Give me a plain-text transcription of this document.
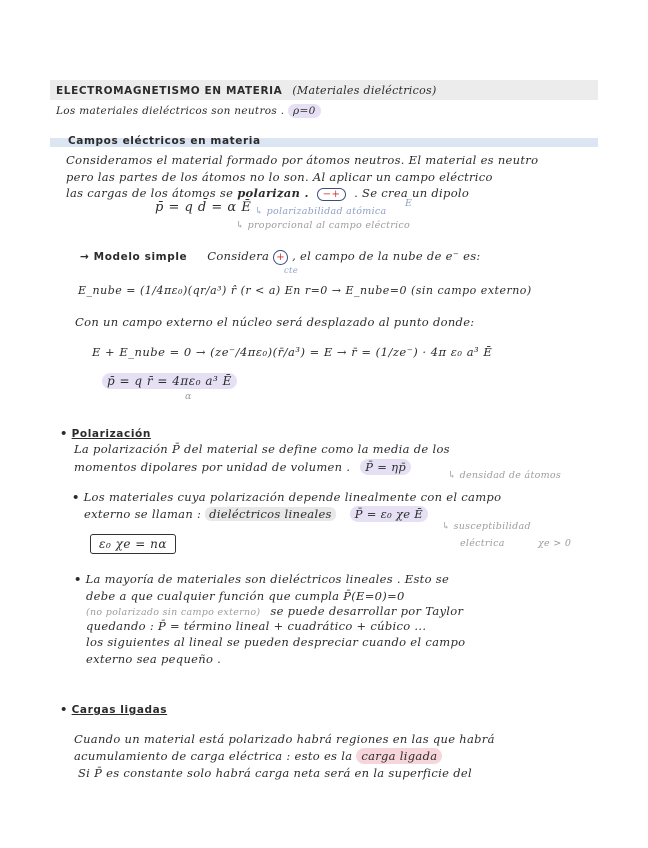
ELECTROMAGNETISMO EN MATERIA (Materiales dieléctricos)
Los materiales dieléctricos son neutros . ρ=0
Campos eléctricos en materia
Consideramos el material formado por átomos neutros. El material es neutro
pero las partes de los átomos no lo son. Al aplicar un campo eléctrico
las cargas de los átomos se polarizan . −+ . Se crea un dipolo
E
p̄ = q d̄ = α Ē ↳ polarizabilidad atómica
↳ proporcional al campo eléctrico
→ Modelo simple Considera + , el campo de la nube de e⁻ es:
cte
E_nube = (1/4πε₀)(qr/a³) r̂ (r < a) En r=0 → E_nube=0 (sin campo externo)
Con un campo externo el núcleo será desplazado al punto donde:
E + E_nube = 0 → (ze⁻/4πε₀)(r̄/a³) = E → r̄ = (1/ze⁻) · 4π ε₀ a³ Ē
p̄ = q r̄ = 4πε₀ a³ Ē
α
• Polarización
La polarización P̄ del material se define como la media de los
momentos dipolares por unidad de volumen . P̄ = ηp̄
↳ densidad de átomos
• Los materiales cuya polarización depende linealmente con el campo
externo se llaman : dieléctricos lineales P̄ = ε₀ χe Ē
↳ susceptibilidad
eléctrica	χe > 0
ε₀ χe = nα
• La mayoría de materiales son dieléctricos lineales . Esto se
debe a que cualquier función que cumpla P̄(E=0)=0
(no polarizado sin campo externo) se puede desarrollar por Taylor
quedando : P̄ = término lineal + cuadrático + cúbico ...
los siguientes al lineal se pueden despreciar cuando el campo
externo sea pequeño .
• Cargas ligadas
Cuando un material está polarizado habrá regiones en las que habrá
acumulamiento de carga eléctrica : esto es la carga ligada
Si P̄ es constante solo habrá carga neta será en la superficie del
